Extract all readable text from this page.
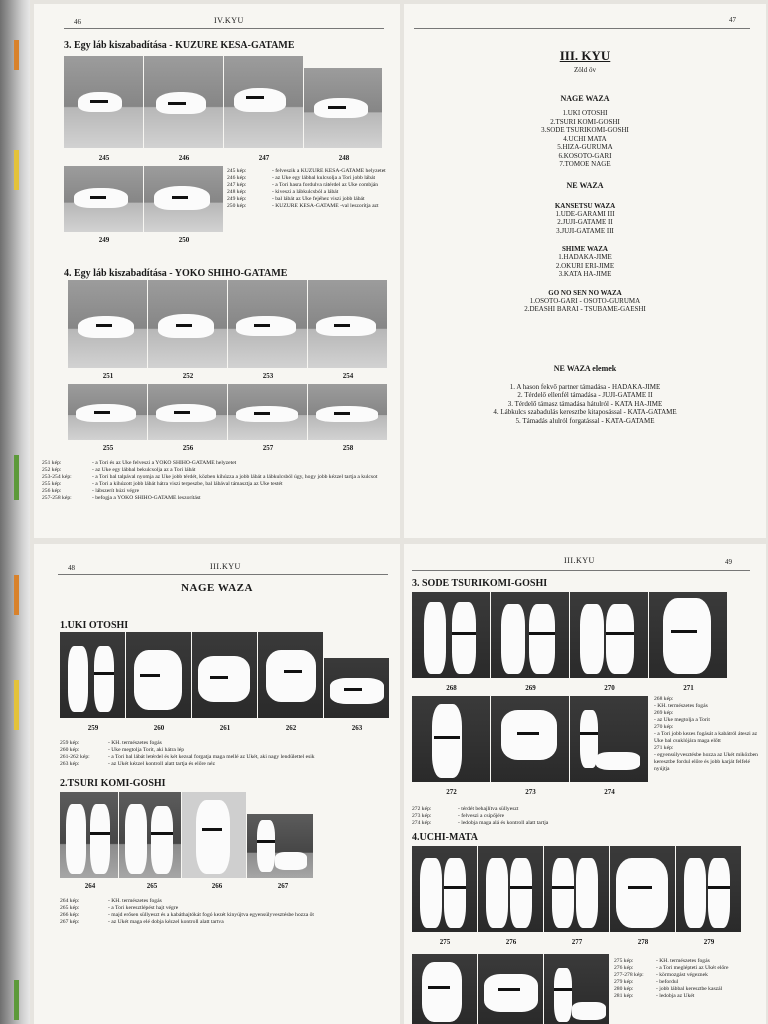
46	IV.KYU
3. Egy láb kiszabadítása - KUZURE KESA-GATAME
245	246	247	248
249	250
245 kép:	- felveszik a KUZURE KESA-GATAME helyzetet
246 kép:	- az Uke egy lábbal kulcsolja a Tori jobb lábát
247 kép:	- a Tori hasra fordulva rátérdel az Uke combján
248 kép:	- kiveszi a lábkulcsból a lábát
249 kép:	- bal lábát az Uke fejéhez viszi jobb lábát
250 kép:	- KUZURE KESA-GATAME -val leszorítja azt
4. Egy láb kiszabadítása - YOKO SHIHO-GATAME
251	252	253	254
255	256	257	258
251 kép:	- a Tori és az Uke felveszi a YOKO SHIHO-GATAME helyzetet
252 kép:	- az Uke egy lábbal bekulcsolja az a Tori lábát
253-254 kép:	- a Tori bal talpával nyomja az Uke jobb térdét, közben kihúzza a jobb lábát a lábkulcsból úgy, hogy jobb kézzel tartja a kulcsot
255 kép:	- a Tori a kihúzott jobb lábát hátra viszi terpeszbe, bal lábával támasztja az Uke testét
256 kép:	- lábszerít húzi végre
257-258 kép:	- befogja a YOKO SHIHO-GATAME leszorítást
47
III. KYU
Zöld öv
NAGE WAZA
1.UKI OTOSHI
2.TSURI KOMI-GOSHI
3.SODE TSURIKOMI-GOSHI
4.UCHI MATA
5.HIZA-GURUMA
6.KOSOTO-GARI
7.TOMOE NAGE
NE WAZA
KANSETSU WAZA
1.UDE-GARAMI III
2.JUJI-GATAME II
3.JUJI-GATAME III
SHIME WAZA
1.HADAKA-JIME
2.OKURI ERI-JIME
3.KATA HA-JIME
GO NO SEN NO WAZA
1.OSOTO-GARI - OSOTO-GURUMA
2.DEASHI BARAI - TSUBAME-GAESHI
NE WAZA elemek
1. A hason fekvő partner támadása - HADAKA-JIME
2. Térdelő ellenfél támadása - JUJI-GATAME II
3. Térdelő támasz támadása hátulról - KATA HA-JIME
4. Lábkulcs szabadulás keresztbe kitaposással - KATA-GATAME
5. Támadás alulról forgatással - KATA-GATAME
48	III.KYU
NAGE WAZA
1.UKI OTOSHI
259	260	261	262	263
259 kép:	- KH. természetes fogás
260 kép:	- Uke megtolja Torit, aki hátra lép
261-262 kép:	- a Tori bal lábát letérdel és két kezsal forgatja maga mellé az Ukét, aki nagy lendülettel esik
263 kép:	- az Ukét kézzel kontroll alatt tartja és előre néz
2.TSURI KOMI-GOSHI
264	265	266	267
264 kép:	- KH. természetes fogás
265 kép:	- a Tori keresztlépést hajt végre
266 kép:	- majd erősen süllyeszt és a kabáthajtókát fogó kezét kinyújtva egyensúlyvesztésbe hozza őt
267 kép:	- az Ukét maga elé dobja kézzel kontroll alatt tartva
III.KYU	49
3. SODE TSURIKOMI-GOSHI
268	269	270	271
272	273	274
268 kép:
- KH. természetes fogás
269 kép:
- az Uke megtolja a Torit
270 kép:
- a Tori jobb kezes fogását a kabátról áteszi az Uke bal csuklójára maga előtt
271 kép:
- egyensúlyvesztésbe hozza az Ukét miközben keresztbe fordul előre és jobb karját felfelé nyújtja
272 kép:	- térdét behajlítva süllyeszt
273 kép:	- felveszi a csípőjére
274 kép:	- ledobja maga alá és kontroll alatt tartja
4.UCHI-MATA
275	276	277	278	279
275 kép:	- KH. természetes fogás
276 kép:	- a Tori meglépteti az Ukét előre
277-278 kép:	- körmozgást végeznek
279 kép:	- befordul
280 kép:	- jobb lábbal keresztbe kaszál
281 kép:	- ledobja az Ukét
